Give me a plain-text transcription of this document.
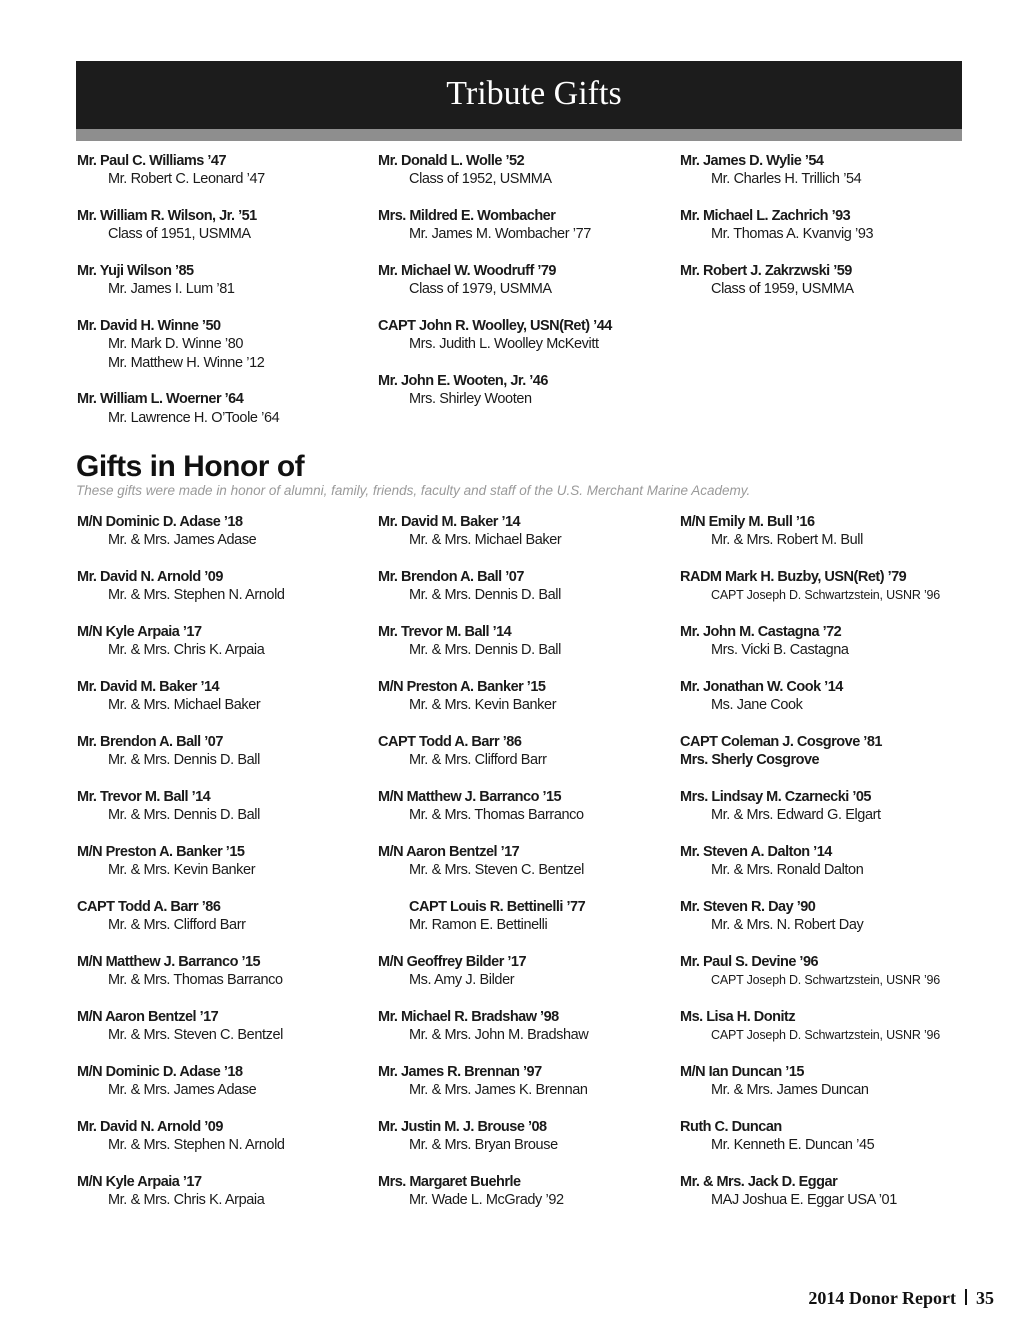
Tribute Gifts
Mr. Paul C. Williams ’47
Mr. Robert C. Leonard ’47
Mr. William R. Wilson, Jr. ’51
Class of 1951, USMMA
Mr. Yuji Wilson ’85
Mr. James I. Lum ’81
Mr. David H. Winne ’50
Mr. Mark D. Winne ’80
Mr. Matthew H. Winne ’12
Mr. William L. Woerner ’64
Mr. Lawrence H. O’Toole ’64
Mr. Donald L. Wolle ’52
Class of 1952, USMMA
Mrs. Mildred E. Wombacher
Mr. James M. Wombacher ’77
Mr. Michael W. Woodruff ’79
Class of 1979, USMMA
CAPT John R. Woolley, USN(Ret) ’44
Mrs. Judith L. Woolley McKevitt
Mr. John E. Wooten, Jr. ’46
Mrs. Shirley Wooten
Mr. James D. Wylie ’54
Mr. Charles H. Trillich ’54
Mr. Michael L. Zachrich ’93
Mr. Thomas A. Kvanvig ’93
Mr. Robert J. Zakrzwski ’59
Class of 1959, USMMA
Gifts in Honor of
These gifts were made in honor of alumni, family, friends, faculty and staff of the U.S. Merchant Marine Academy.
M/N Dominic D. Adase ’18
Mr. & Mrs. James Adase
Mr. David N. Arnold ’09
Mr. & Mrs. Stephen N. Arnold
M/N Kyle Arpaia ’17
Mr. & Mrs. Chris K. Arpaia
Mr. David M. Baker ’14
Mr. & Mrs. Michael Baker
Mr. Brendon A. Ball ’07
Mr. & Mrs. Dennis D. Ball
Mr. Trevor M. Ball ’14
Mr. & Mrs. Dennis D. Ball
M/N Preston A. Banker ’15
Mr. & Mrs. Kevin Banker
CAPT Todd A. Barr ’86
Mr. & Mrs. Clifford Barr
M/N Matthew J. Barranco ’15
Mr. & Mrs. Thomas Barranco
M/N Aaron Bentzel ’17
Mr. & Mrs. Steven C. Bentzel
M/N Dominic D. Adase ’18
Mr. & Mrs. James Adase
Mr. David N. Arnold ’09
Mr. & Mrs. Stephen N. Arnold
M/N Kyle Arpaia ’17
Mr. & Mrs. Chris K. Arpaia
Mr. David M. Baker ’14
Mr. & Mrs. Michael Baker
Mr. Brendon A. Ball ’07
Mr. & Mrs. Dennis D. Ball
Mr. Trevor M. Ball ’14
Mr. & Mrs. Dennis D. Ball
M/N Preston A. Banker ’15
Mr. & Mrs. Kevin Banker
CAPT Todd A. Barr ’86
Mr. & Mrs. Clifford Barr
M/N Matthew J. Barranco ’15
Mr. & Mrs. Thomas Barranco
M/N Aaron Bentzel ’17
Mr. & Mrs. Steven C. Bentzel
CAPT Louis R. Bettinelli ’77
Mr. Ramon E. Bettinelli
M/N Geoffrey Bilder ’17
Ms. Amy J. Bilder
Mr. Michael R. Bradshaw ’98
Mr. & Mrs. John M. Bradshaw
Mr. James R. Brennan ’97
Mr. & Mrs. James K. Brennan
Mr. Justin M. J. Brouse ’08
Mr. & Mrs. Bryan Brouse
Mrs. Margaret Buehrle
Mr. Wade L. McGrady ’92
M/N Emily M. Bull ’16
Mr. & Mrs. Robert M. Bull
RADM Mark H. Buzby, USN(Ret) ’79
CAPT Joseph D. Schwartzstein, USNR ’96
Mr. John M. Castagna ’72
Mrs. Vicki B. Castagna
Mr. Jonathan W. Cook ’14
Ms. Jane Cook
CAPT Coleman J. Cosgrove ’81
Mrs. Sherly Cosgrove
Mrs. Lindsay M. Czarnecki ’05
Mr. & Mrs. Edward G. Elgart
Mr. Steven A. Dalton ’14
Mr. & Mrs. Ronald Dalton
Mr. Steven R. Day ’90
Mr. & Mrs. N. Robert Day
Mr. Paul S. Devine ’96
CAPT Joseph D. Schwartzstein, USNR ’96
Ms. Lisa H. Donitz
CAPT Joseph D. Schwartzstein, USNR ’96
M/N Ian Duncan ’15
Mr. & Mrs. James Duncan
Ruth C. Duncan
Mr. Kenneth E. Duncan ’45
Mr. & Mrs. Jack D. Eggar
MAJ Joshua E. Eggar USA ’01
2014 Donor Report 35
